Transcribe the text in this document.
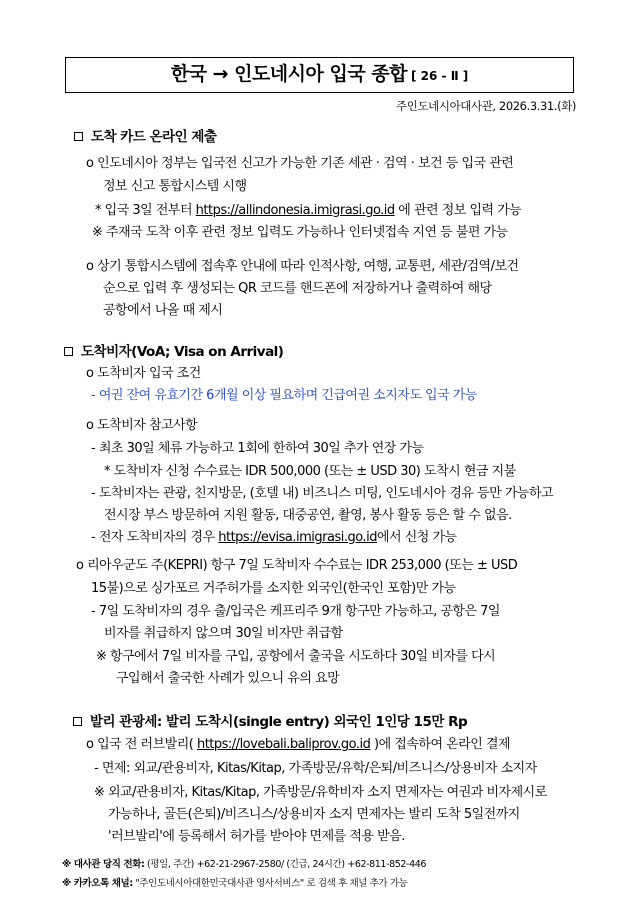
한국 → 인도네시아 입국 종합 [ 26 - Ⅱ ]
주인도네시아대사관, 2026.3.31.(화)
도착 카드 온라인 제출
o 인도네시아 정부는 입국전 신고가 가능한 기존 세관 · 검역 · 보건 등 입국 관련
정보 신고 통합시스템 시행
* 입국 3일 전부터 https://allindonesia.imigrasi.go.id 에 관련 정보 입력 가능
※ 주재국 도착 이후 관련 정보 입력도 가능하나 인터넷접속 지연 등 불편 가능
o 상기 통합시스템에 접속후 안내에 따라 인적사항, 여행, 교통편, 세관/검역/보건
순으로 입력 후 생성되는 QR 코드를 핸드폰에 저장하거나 출력하여 해당
공항에서 나올 때 제시
도착비자(VoA; Visa on Arrival)
o 도착비자 입국 조건
- 여권 잔여 유효기간 6개월 이상 필요하며 긴급여권 소지자도 입국 가능
o 도착비자 참고사항
- 최초 30일 체류 가능하고 1회에 한하여 30일 추가 연장 가능
* 도착비자 신청 수수료는 IDR 500,000 (또는 ± USD 30) 도착시 현금 지불
- 도착비자는 관광, 친지방문, (호텔 내) 비즈니스 미팅, 인도네시아 경유 등만 가능하고
전시장 부스 방문하여 지원 활동, 대중공연, 촬영, 봉사 활동 등은 할 수 없음.
- 전자 도착비자의 경우 https://evisa.imigrasi.go.id에서 신청 가능
o 리아우군도 주(KEPRI) 항구 7일 도착비자 수수료는 IDR 253,000 (또는 ± USD
15불)으로 싱가포르 거주허가를 소지한 외국인(한국인 포함)만 가능
- 7일 도착비자의 경우 출/입국은 케프리주 9개 항구만 가능하고, 공항은 7일
비자를 취급하지 않으며 30일 비자만 취급함
※ 항구에서 7일 비자를 구입, 공항에서 출국을 시도하다 30일 비자를 다시
구입해서 출국한 사례가 있으니 유의 요망
발리 관광세: 발리 도착시(single entry) 외국인 1인당 15만 Rp
o 입국 전 러브발리( https://lovebali.baliprov.go.id )에 접속하여 온라인 결제
- 면제: 외교/관용비자, Kitas/Kitap, 가족방문/유학/은퇴/비즈니스/상용비자 소지자
※ 외교/관용비자, Kitas/Kitap, 가족방문/유학비자 소지 면제자는 여권과 비자제시로
가능하나, 골든(은퇴)/비즈니스/상용비자 소지 면제자는 발리 도착 5일전까지
'러브발리'에 등록해서 허가를 받아야 면제를 적용 받음.
※ 대사관 당직 전화: (평일, 주간) +62-21-2967-2580/ (긴급, 24시간) +62-811-852-446
※ 카카오톡 채널: "주인도네시아대한민국대사관 영사서비스" 로 검색 후 채널 추가 가능
